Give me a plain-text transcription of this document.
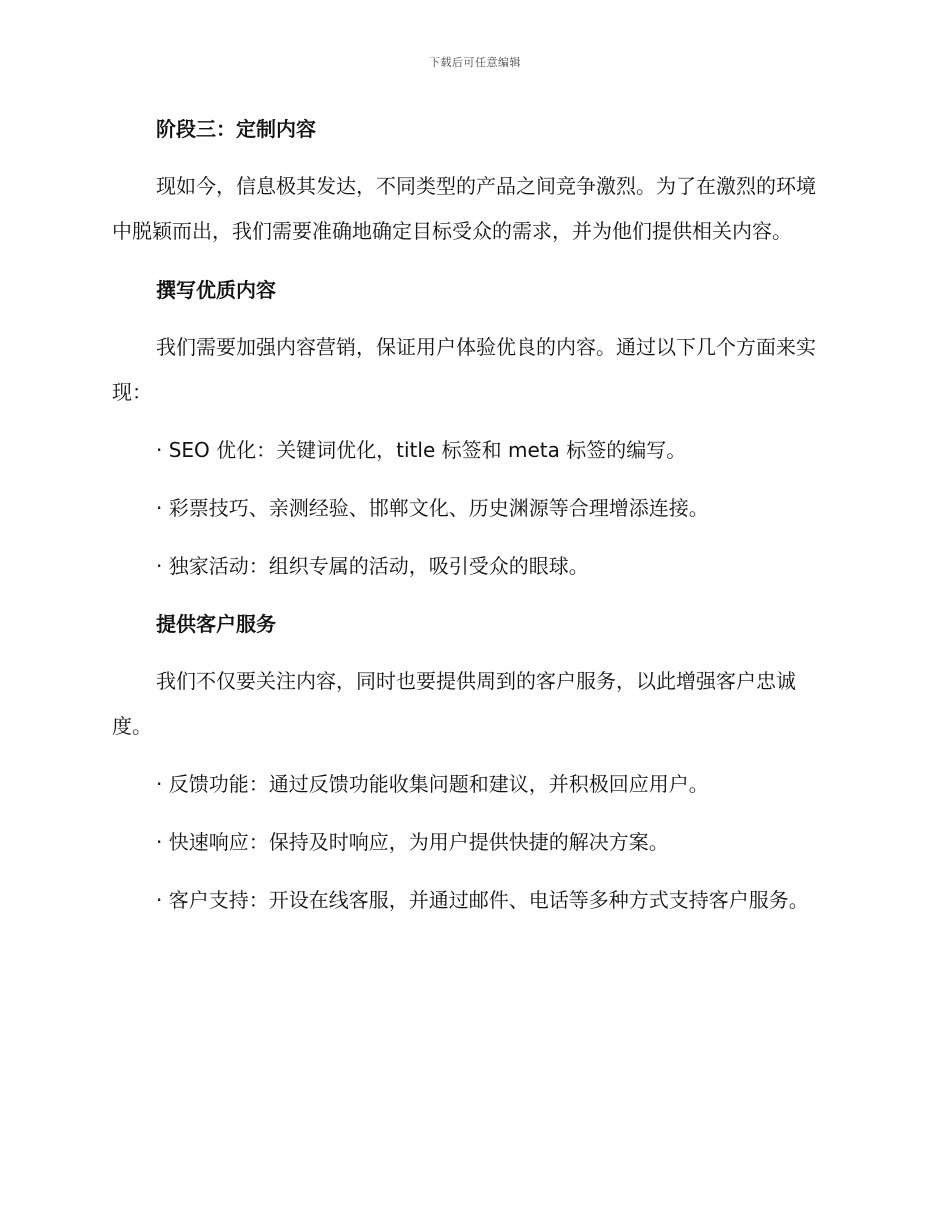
下载后可任意编辑
阶段三：定制内容

现如今，信息极其发达，不同类型的产品之间竞争激烈。为了在激烈的环境中脱颖而出，我们需要准确地确定目标受众的需求，并为他们提供相关内容。

撰写优质内容

我们需要加强内容营销，保证用户体验优良的内容。通过以下几个方面来实现：

· SEO 优化：关键词优化，title 标签和 meta 标签的编写。

· 彩票技巧、亲测经验、邯郸文化、历史渊源等合理增添连接。

· 独家活动：组织专属的活动，吸引受众的眼球。

提供客户服务

我们不仅要关注内容，同时也要提供周到的客户服务，以此增强客户忠诚度。

· 反馈功能：通过反馈功能收集问题和建议，并积极回应用户。

· 快速响应：保持及时响应，为用户提供快捷的解决方案。

· 客户支持：开设在线客服，并通过邮件、电话等多种方式支持客户服务。
